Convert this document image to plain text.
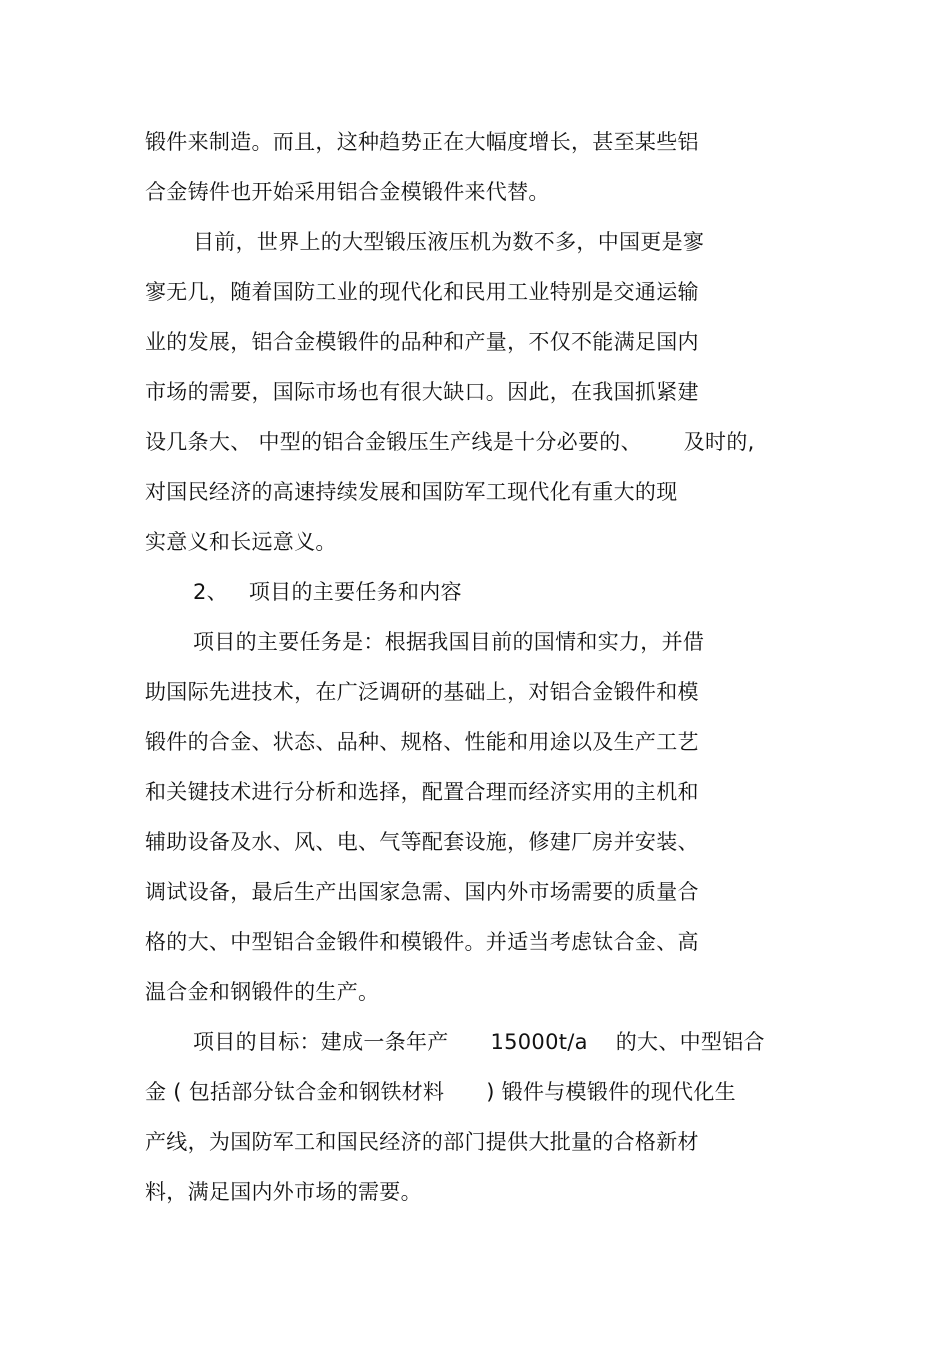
锻件来制造。而且，这种趋势正在大幅度增长，甚至某些铝
合金铸件也开始采用铝合金模锻件来代替。
目前，世界上的大型锻压液压机为数不多，中国更是寥
寥无几，随着国防工业的现代化和民用工业特别是交通运输
业的发展，铝合金模锻件的品种和产量，不仅不能满足国内
市场的需要，国际市场也有很大缺口。因此，在我国抓紧建
设几条大、 中型的铝合金锻压生产线是十分必要的、      及时的,
对国民经济的高速持续发展和国防军工现代化有重大的现
实意义和长远意义。
2、   项目的主要任务和内容
项目的主要任务是：根据我国目前的国情和实力，并借
助国际先进技术，在广泛调研的基础上，对铝合金锻件和模
锻件的合金、状态、品种、规格、性能和用途以及生产工艺
和关键技术进行分析和选择，配置合理而经济实用的主机和
辅助设备及水、风、电、气等配套设施，修建厂房并安装、
调试设备，最后生产出国家急需、国内外市场需要的质量合
格的大、中型铝合金锻件和模锻件。并适当考虑钛合金、高
温合金和钢锻件的生产。
项目的目标：建成一条年产      15000t/a    的大、中型铝合
金 ( 包括部分钛合金和钢铁材料      ) 锻件与模锻件的现代化生
产线，为国防军工和国民经济的部门提供大批量的合格新材
料，满足国内外市场的需要。
